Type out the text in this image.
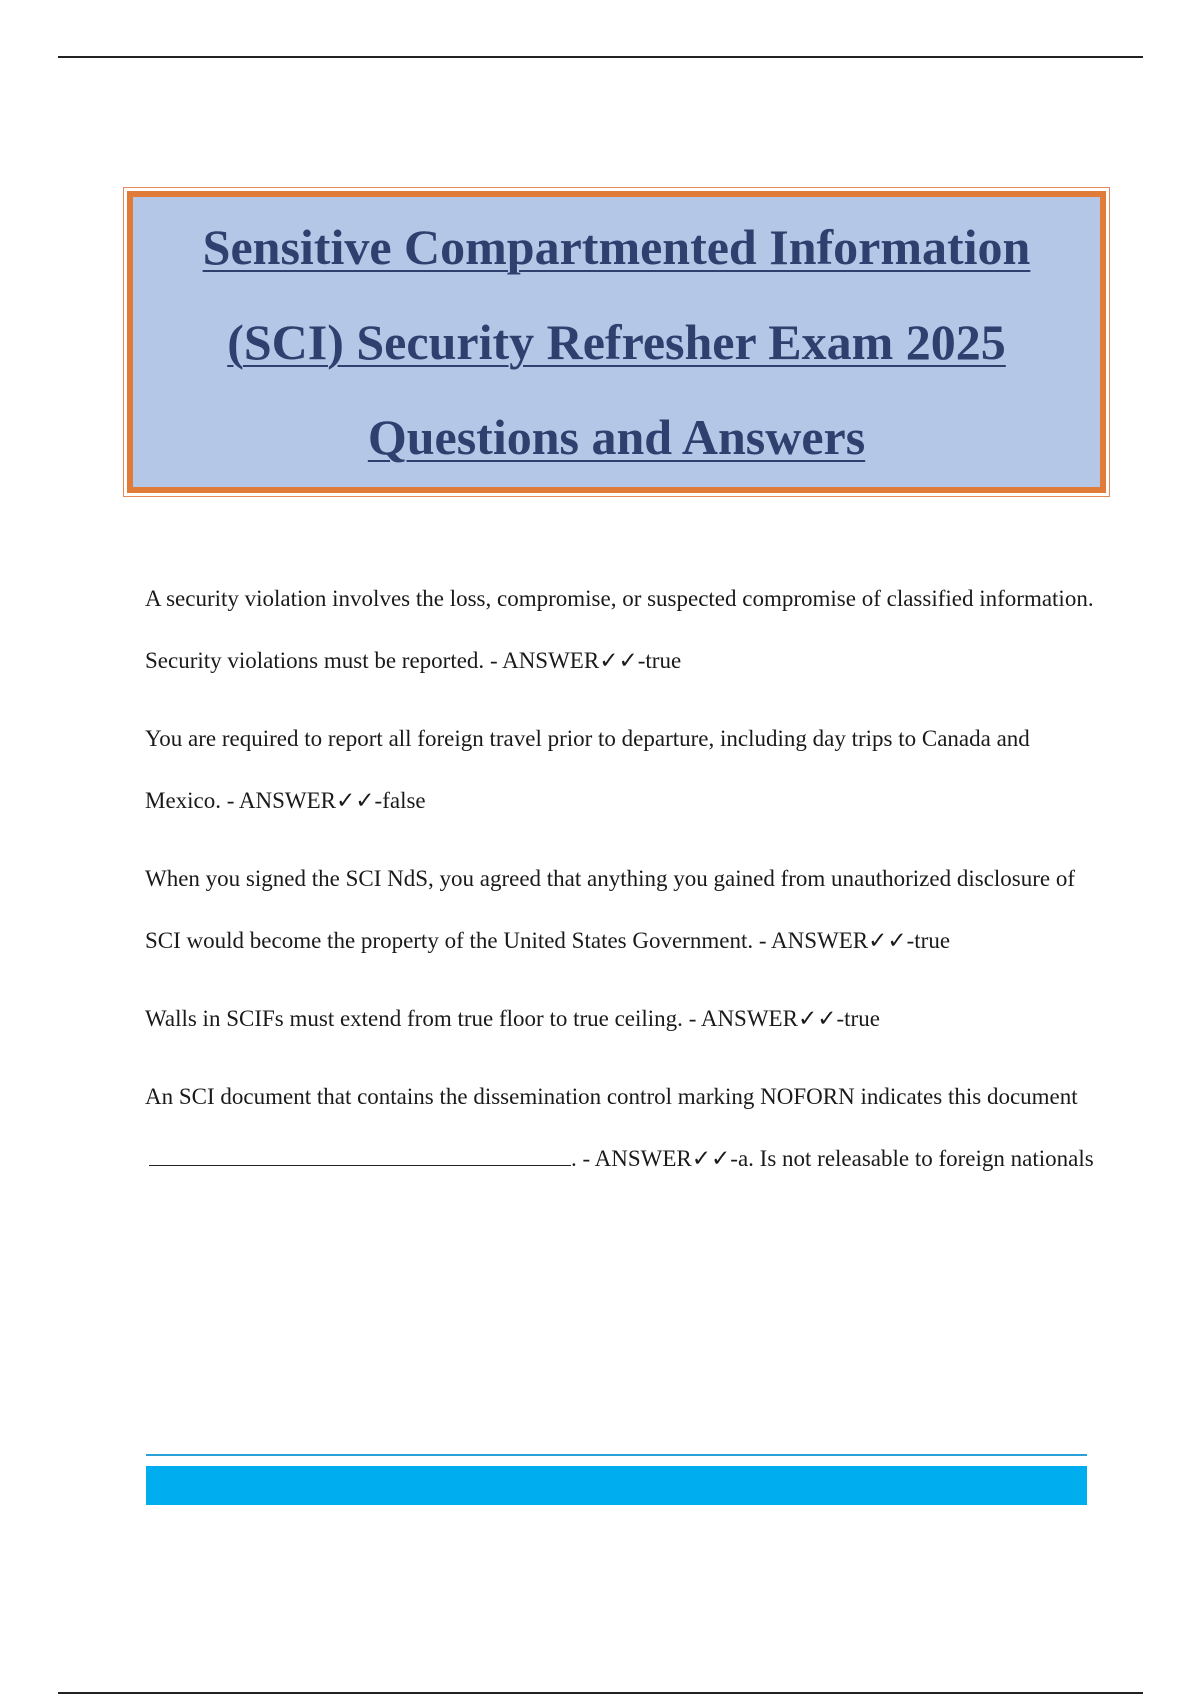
Sensitive Compartmented Information
(SCI) Security Refresher Exam 2025
Questions and Answers

A security violation involves the loss, compromise, or suspected compromise of classified information. Security violations must be reported. - ANSWER✓✓-true

You are required to report all foreign travel prior to departure, including day trips to Canada and Mexico. - ANSWER✓✓-false

When you signed the SCI NdS, you agreed that anything you gained from unauthorized disclosure of SCI would become the property of the United States Government. - ANSWER✓✓-true

Walls in SCIFs must extend from true floor to true ceiling. - ANSWER✓✓-true

An SCI document that contains the dissemination control marking NOFORN indicates this document . - ANSWER✓✓-a. Is not releasable to foreign nationals
